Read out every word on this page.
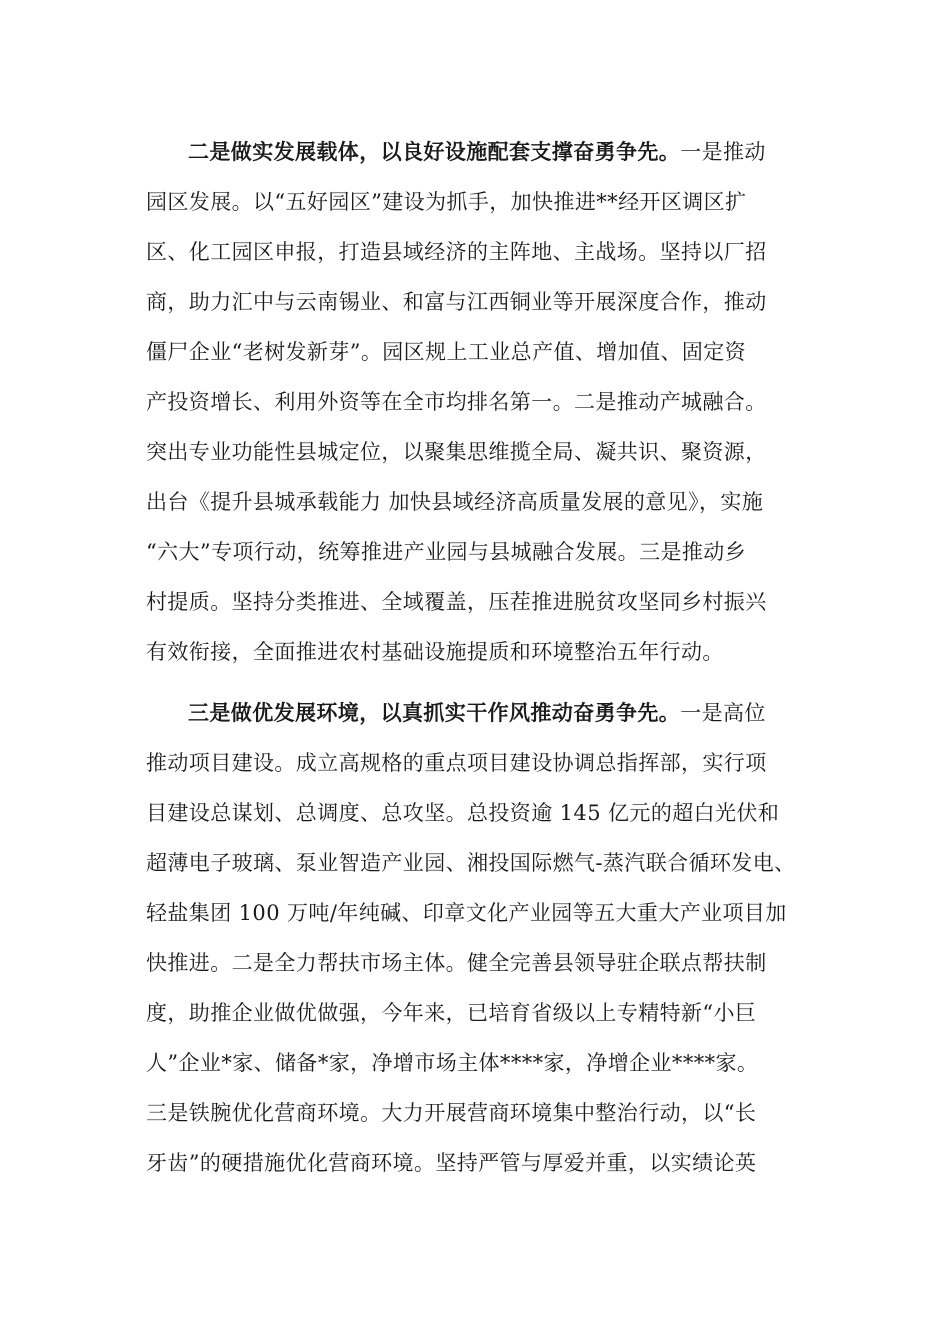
二是做实发展载体，以良好设施配套支撑奋勇争先。一是推动
园区发展。以“五好园区”建设为抓手，加快推进**经开区调区扩
区、化工园区申报，打造县域经济的主阵地、主战场。坚持以厂招
商，助力汇中与云南锡业、和富与江西铜业等开展深度合作，推动
僵尸企业“老树发新芽”。园区规上工业总产值、增加值、固定资
产投资增长、利用外资等在全市均排名第一。二是推动产城融合。
突出专业功能性县城定位，以聚集思维揽全局、凝共识、聚资源，
出台《提升县城承载能力 加快县域经济高质量发展的意见》，实施
“六大”专项行动，统筹推进产业园与县城融合发展。三是推动乡
村提质。坚持分类推进、全域覆盖，压茬推进脱贫攻坚同乡村振兴
有效衔接，全面推进农村基础设施提质和环境整治五年行动。
三是做优发展环境，以真抓实干作风推动奋勇争先。一是高位
推动项目建设。成立高规格的重点项目建设协调总指挥部，实行项
目建设总谋划、总调度、总攻坚。总投资逾 145 亿元的超白光伏和
超薄电子玻璃、泵业智造产业园、湘投国际燃气-蒸汽联合循环发电、
轻盐集团 100 万吨/年纯碱、印章文化产业园等五大重大产业项目加
快推进。二是全力帮扶市场主体。健全完善县领导驻企联点帮扶制
度，助推企业做优做强，今年来，已培育省级以上专精特新“小巨
人”企业*家、储备*家，净增市场主体****家，净增企业****家。
三是铁腕优化营商环境。大力开展营商环境集中整治行动，以“长
牙齿”的硬措施优化营商环境。坚持严管与厚爱并重，以实绩论英
